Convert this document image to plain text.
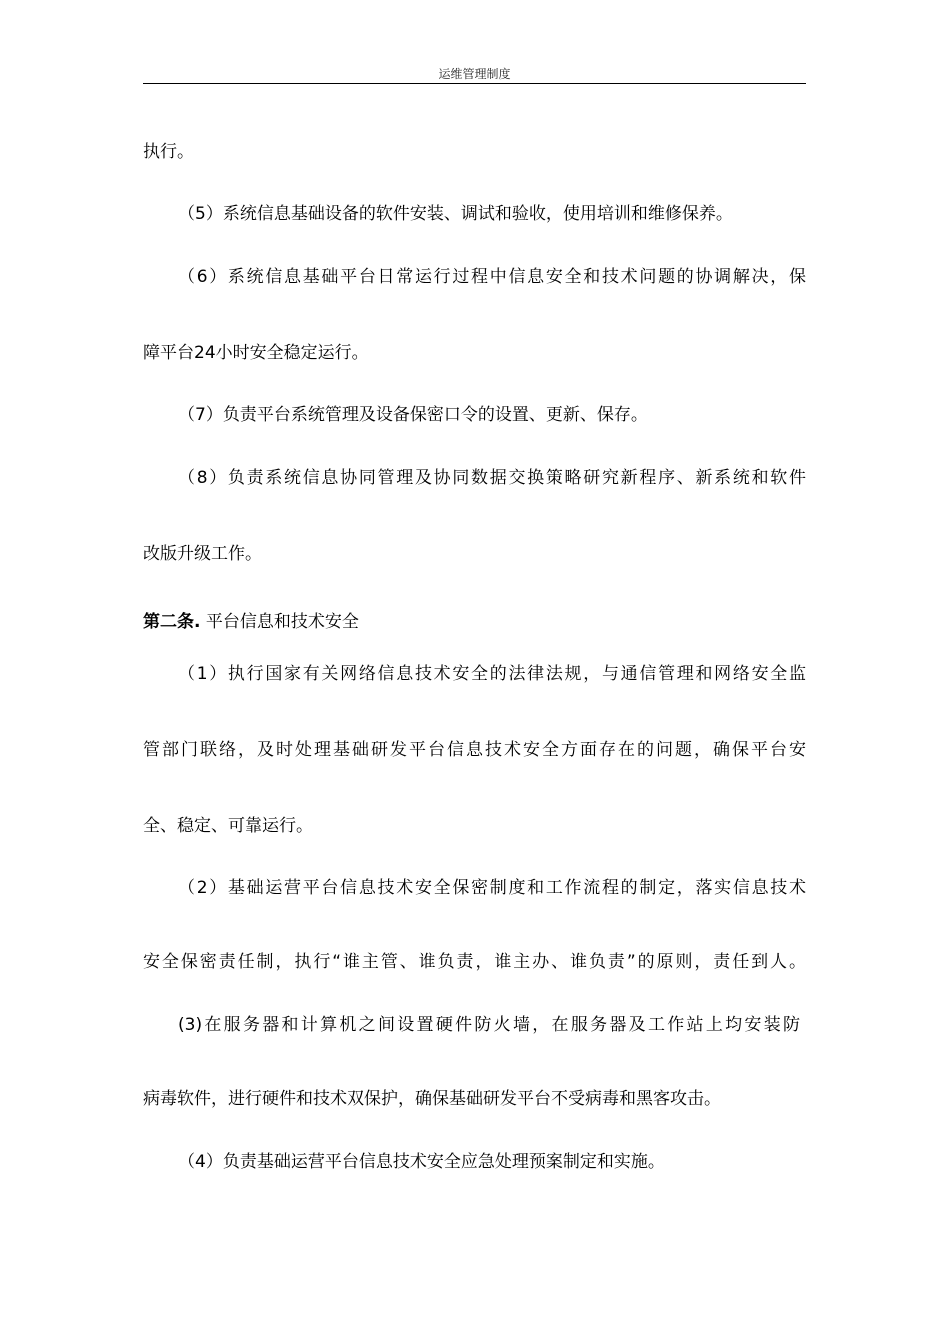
运维管理制度
执行。
（5）系统信息基础设备的软件安装、调试和验收，使用培训和维修保养。
（6）系统信息基础平台日常运行过程中信息安全和技术问题的协调解决，保
障平台24小时安全稳定运行。
（7）负责平台系统管理及设备保密口令的设置、更新、保存。
（8）负责系统信息协同管理及协同数据交换策略研究新程序、新系统和软件
改版升级工作。
第二条. 平台信息和技术安全
（1）执行国家有关网络信息技术安全的法律法规，与通信管理和网络安全监
管部门联络，及时处理基础研发平台信息技术安全方面存在的问题，确保平台安
全、稳定、可靠运行。
（2）基础运营平台信息技术安全保密制度和工作流程的制定，落实信息技术
安全保密责任制，执行“谁主管、谁负责，谁主办、谁负责”的原则，责任到人。
(3)在服务器和计算机之间设置硬件防火墙，在服务器及工作站上均安装防
病毒软件，进行硬件和技术双保护，确保基础研发平台不受病毒和黑客攻击。
（4）负责基础运营平台信息技术安全应急处理预案制定和实施。
